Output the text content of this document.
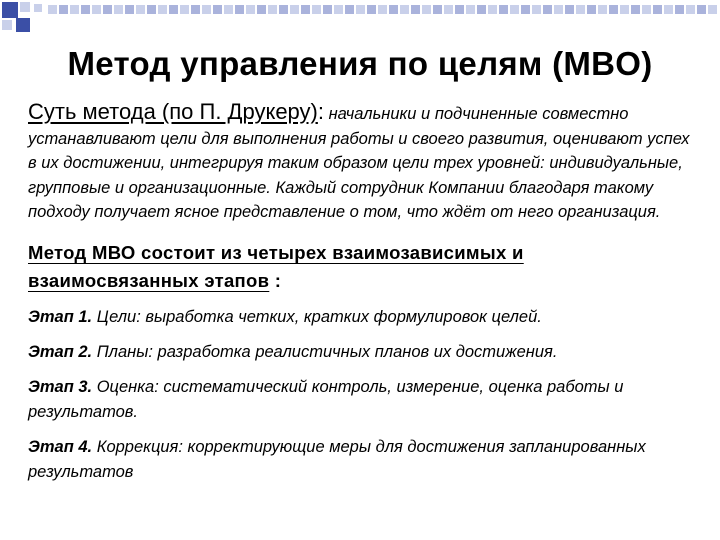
Метод управления по целям (MBO)

Суть метода (по П. Друкеру): начальники и подчиненные совместно устанавливают цели для выполнения работы и своего развития, оценивают успех в их достижении, интегрируя таким образом цели трех уровней: индивидуальные, групповые и организационные. Каждый сотрудник Компании благодаря такому подходу получает ясное представление о том, что ждёт от него организация.

Метод МВО состоит из четырех взаимозависимых и взаимосвязанных этапов :

Этап 1. Цели: выработка четких, кратких формулировок целей.

Этап 2. Планы: разработка реалистичных планов их достижения.

Этап 3. Оценка: систематический контроль, измерение, оценка работы и результатов.

Этап 4. Коррекция: корректирующие меры для достижения запланированных результатов
